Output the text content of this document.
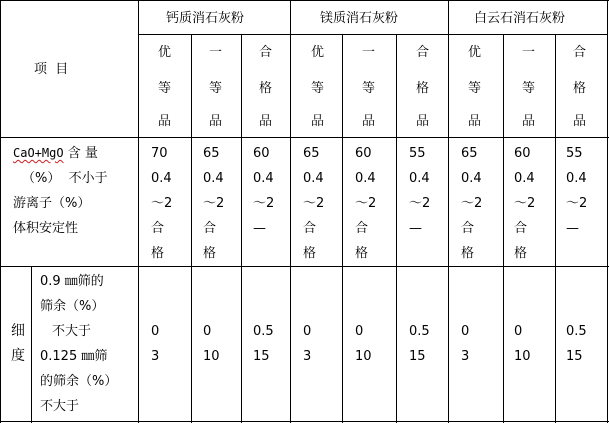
项  目
钙质消石灰粉	镁质消石灰粉	白云石消石灰粉
优
等
品
一
等
品
合
格
品
优
等
品
一
等
品
合
格
品
优
等
品
一
等
品
合
格
品
CaO+MgO 含 量
（%）  不小于
游离子（%）
体积安定性
70
0.4
～2
合
格
65
0.4
～2
合
格
60
0.4
～2
—
65
0.4
～2
合
格
60
0.4
～2
合
格
55
0.4
～2
—
65
0.4
～2
合
格
60
0.4
～2
合
格
55
0.4
～2
—
细
度
0.9 ㎜筛的
筛余（%）
不大于
0.125 ㎜筛
的筛余（%）
不大于
0
3
0
10
0.5
15
0
3
0
10
0.5
15
0
3
0
10
0.5
15
